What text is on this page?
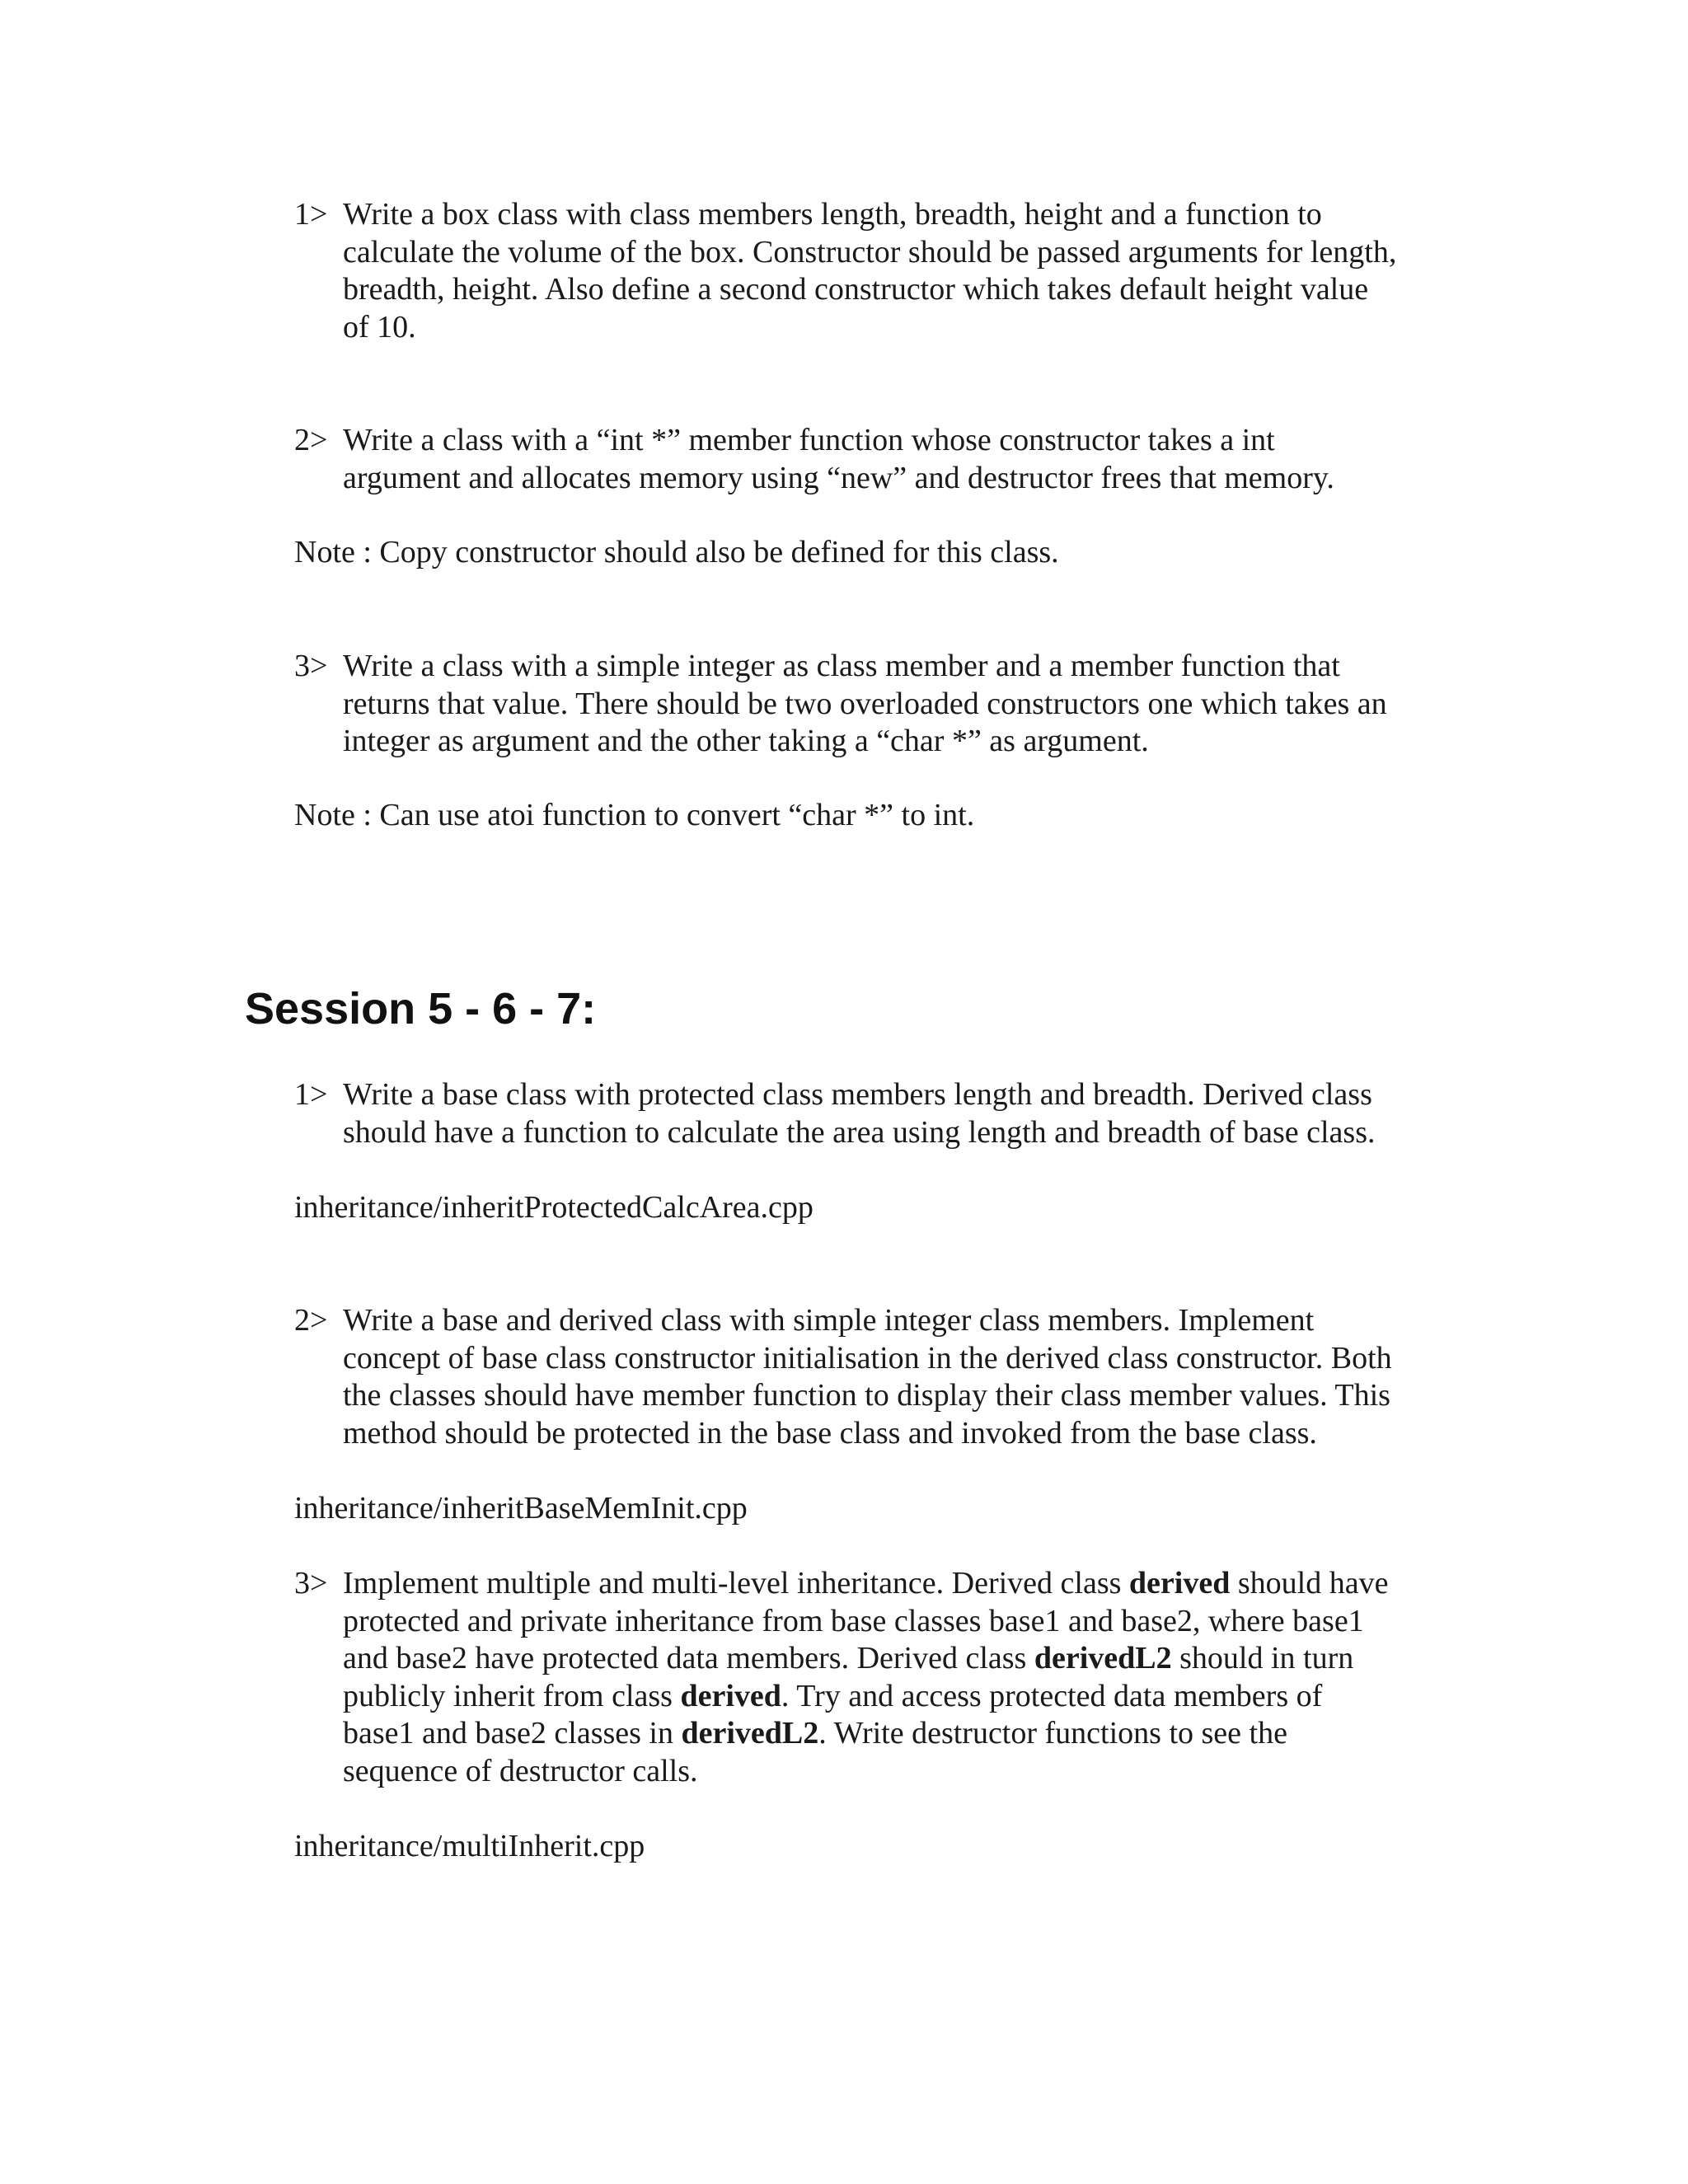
1> Write a box class with class members length, breadth, height and a function to
calculate the volume of the box. Constructor should be passed arguments for length,
breadth, height. Also define a second constructor which takes default height value
of 10.
2> Write a class with a “int *” member function whose constructor takes a int
argument and allocates memory using “new” and destructor frees that memory.
Note : Copy constructor should also be defined for this class.
3> Write a class with a simple integer as class member and a member function that
returns that value. There should be two overloaded constructors one which takes an
integer as argument and the other taking a “char *” as argument.
Note : Can use atoi function to convert “char *” to int.
Session 5 - 6 - 7:
1> Write a base class with protected class members length and breadth. Derived class
should have a function to calculate the area using length and breadth of base class.
inheritance/inheritProtectedCalcArea.cpp
2> Write a base and derived class with simple integer class members. Implement
concept of base class constructor initialisation in the derived class constructor. Both
the classes should have member function to display their class member values. This
method should be protected in the base class and invoked from the base class.
inheritance/inheritBaseMemInit.cpp
3> Implement multiple and multi-level inheritance. Derived class derived should have
protected and private inheritance from base classes base1 and base2, where base1
and base2 have protected data members. Derived class derivedL2 should in turn
publicly inherit from class derived. Try and access protected data members of
base1 and base2 classes in derivedL2. Write destructor functions to see the
sequence of destructor calls.
inheritance/multiInherit.cpp
